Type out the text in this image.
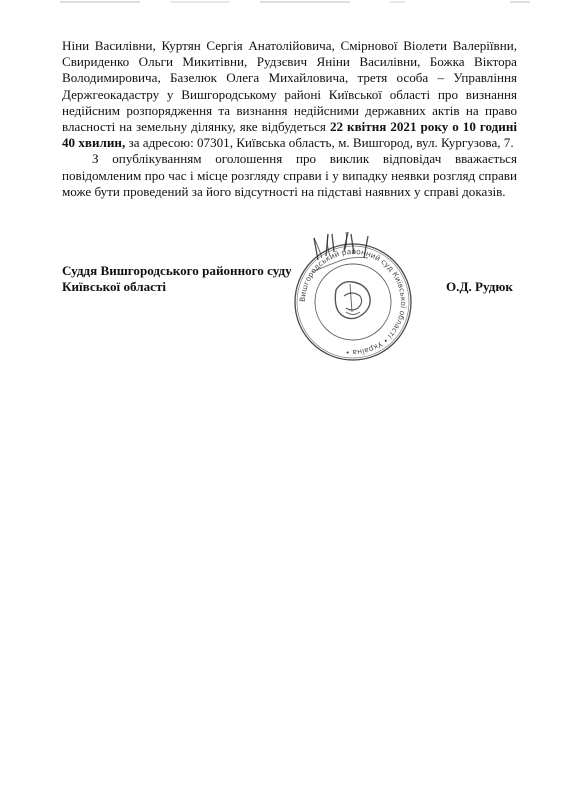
Ніни Василівни, Куртян Сергія Анатолійовича, Смірнової Віолети Валеріївни, Свириденко Ольги Микитівни, Рудзєвич Яніни Василівни, Божка Віктора Володимировича, Базелюк Олега Михайловича, третя особа – Управління Держгеокадастру у Вишгородському районі Київської області про визнання недійсним розпорядження та визнання недійсними державних актів на право власності на земельну ділянку, яке відбудеться 22 квітня 2021 року о 10 годині 40 хвилин, за адресою: 07301, Київська область, м. Вишгород, вул. Кургузова, 7.

З опублікуванням оголошення про виклик відповідач вважається повідомленим про час і місце розгляду справи і у випадку неявки розгляд справи може бути проведений за його відсутності на підставі наявних у справі доказів.

Суддя Вишгородського районного суду
Київської області	О.Д. Рудюк
Вишгородський районний суд Київської області • Україна •
